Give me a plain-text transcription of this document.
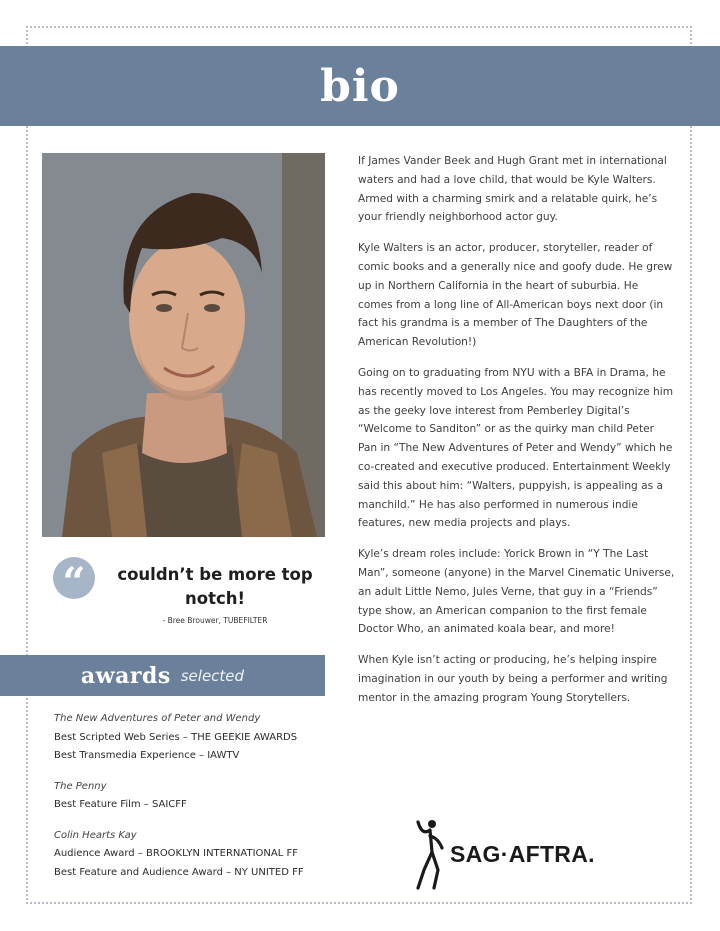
bio
“	couldn’t be more top notch!
- Bree Brouwer, TUBEFILTER
awards selected
The New Adventures of Peter and Wendy
Best Scripted Web Series – THE GEEKIE AWARDS
Best Transmedia Experience – IAWTV
The Penny
Best Feature Film – SAICFF
Colin Hearts Kay
Audience Award – BROOKLYN INTERNATIONAL FF
Best Feature and Audience Award – NY UNITED FF

If James Vander Beek and Hugh Grant met in international waters and had a love child, that would be Kyle Walters. Armed with a charming smirk and a relatable quirk, he’s your friendly neighborhood actor guy.

Kyle Walters is an actor, producer, storyteller, reader of comic books and a generally nice and goofy dude. He grew up in Northern California in the heart of suburbia. He comes from a long line of All-American boys next door (in fact his grandma is a member of The Daughters of the American Revolution!)

Going on to graduating from NYU with a BFA in Drama, he has recently moved to Los Angeles. You may recognize him as the geeky love interest from Pemberley Digital’s “Welcome to Sanditon” or as the quirky man child Peter Pan in “The New Adventures of Peter and Wendy” which he co-created and executive produced. Entertainment Weekly said this about him: “Walters, puppyish, is appealing as a manchild.” He has also performed in numerous indie features, new media projects and plays.

Kyle’s dream roles include: Yorick Brown in “Y The Last Man”, someone (anyone) in the Marvel Cinematic Universe, an adult Little Nemo, Jules Verne, that guy in a “Friends” type show, an American companion to the first female Doctor Who, an animated koala bear, and more!

When Kyle isn’t acting or producing, he’s helping inspire imagination in our youth by being a performer and writing mentor in the amazing program Young Storytellers.

SAG·AFTRA.
